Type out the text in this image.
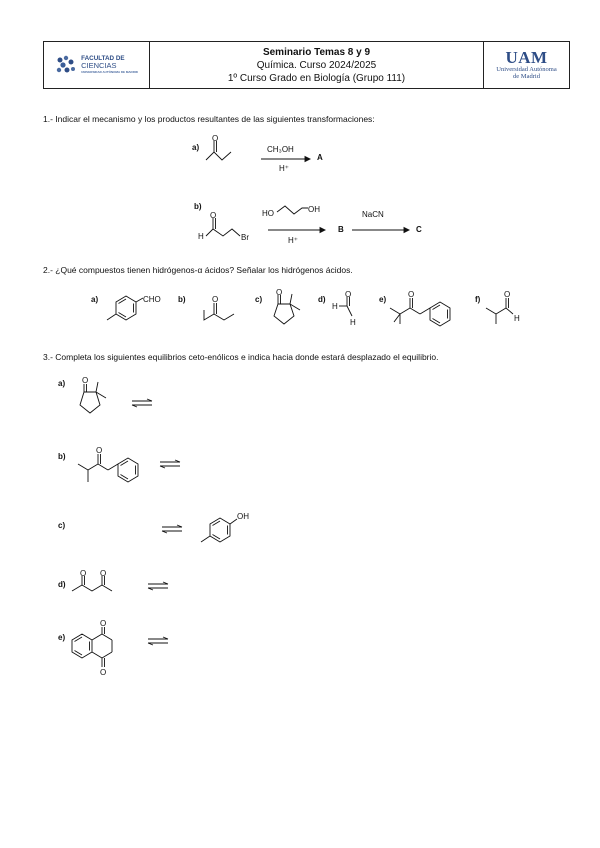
FACULTAD DE
CIENCIAS
UNIVERSIDAD AUTÓNOMA DE MADRID
Seminario Temas 8 y 9
Química. Curso 2024/2025
1º Curso Grado en Biología (Grupo 111)
UAM
Universidad Autónoma
de Madrid
1.- Indicar el mecanismo y los productos resultantes de las siguientes transformaciones:
a)
O
CH₃OH
H⁺
A
b)
H
O
Br
HO	OH
H⁺
B
NaCN
C
2.- ¿Qué compuestos tienen hidrógenos-α ácidos? Señalar los hidrógenos ácidos.
a)	CHO b)	O	c)
O
d)
H
O
H
e)
O
f)
O
H
3.- Completa los siguientes equilibrios ceto-enólicos e indica hacia donde estará desplazado el equilibrio.
a) O
b)
O
c)
OH
d)
O O
e)
O
O
